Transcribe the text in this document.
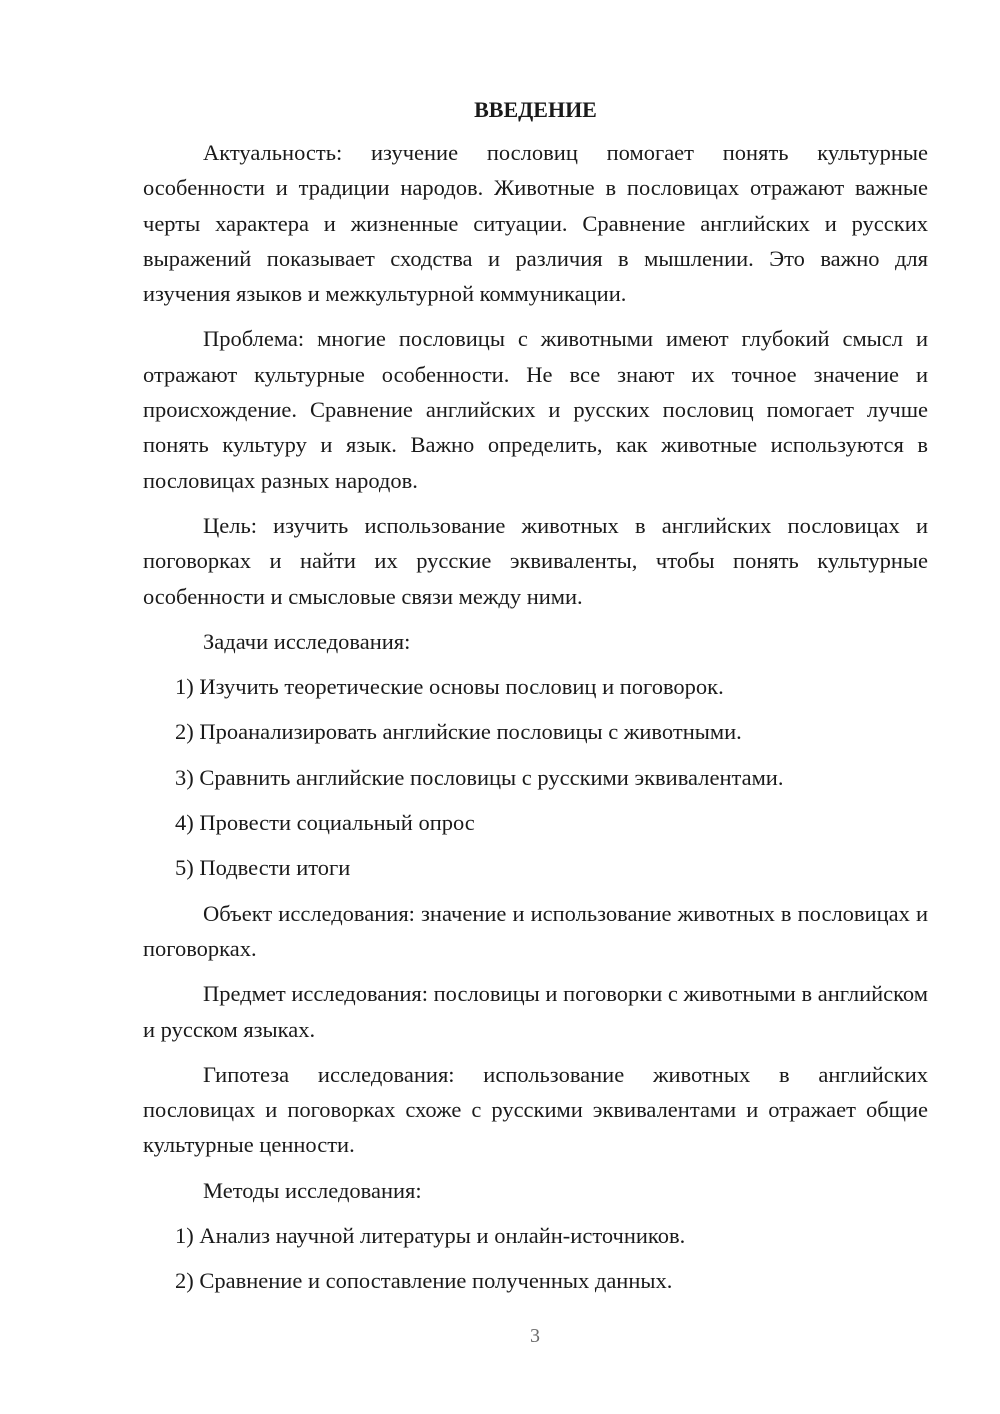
ВВЕДЕНИЕ

Актуальность: изучение пословиц помогает понять культурные особенности и традиции народов. Животные в пословицах отражают важные черты характера и жизненные ситуации. Сравнение английских и русских выражений показывает сходства и различия в мышлении. Это важно для изучения языков и межкультурной коммуникации.

Проблема: многие пословицы с животными имеют глубокий смысл и отражают культурные особенности. Не все знают их точное значение и происхождение. Сравнение английских и русских пословиц помогает лучше понять культуру и язык. Важно определить, как животные используются в пословицах разных народов.

Цель: изучить использование животных в английских пословицах и поговорках и найти их русские эквиваленты, чтобы понять культурные особенности и смысловые связи между ними.

Задачи исследования:

1) Изучить теоретические основы пословиц и поговорок.

2) Проанализировать английские пословицы с животными.

3) Сравнить английские пословицы с русскими эквивалентами.

4) Провести социальный опрос

5) Подвести итоги

Объект исследования: значение и использование животных в пословицах и поговорках.

Предмет исследования: пословицы и поговорки с животными в английском и русском языках.

Гипотеза исследования: использование животных в английских пословицах и поговорках схоже с русскими эквивалентами и отражает общие культурные ценности.

Методы исследования:

1) Анализ научной литературы и онлайн-источников.

2) Сравнение и сопоставление полученных данных.

3
